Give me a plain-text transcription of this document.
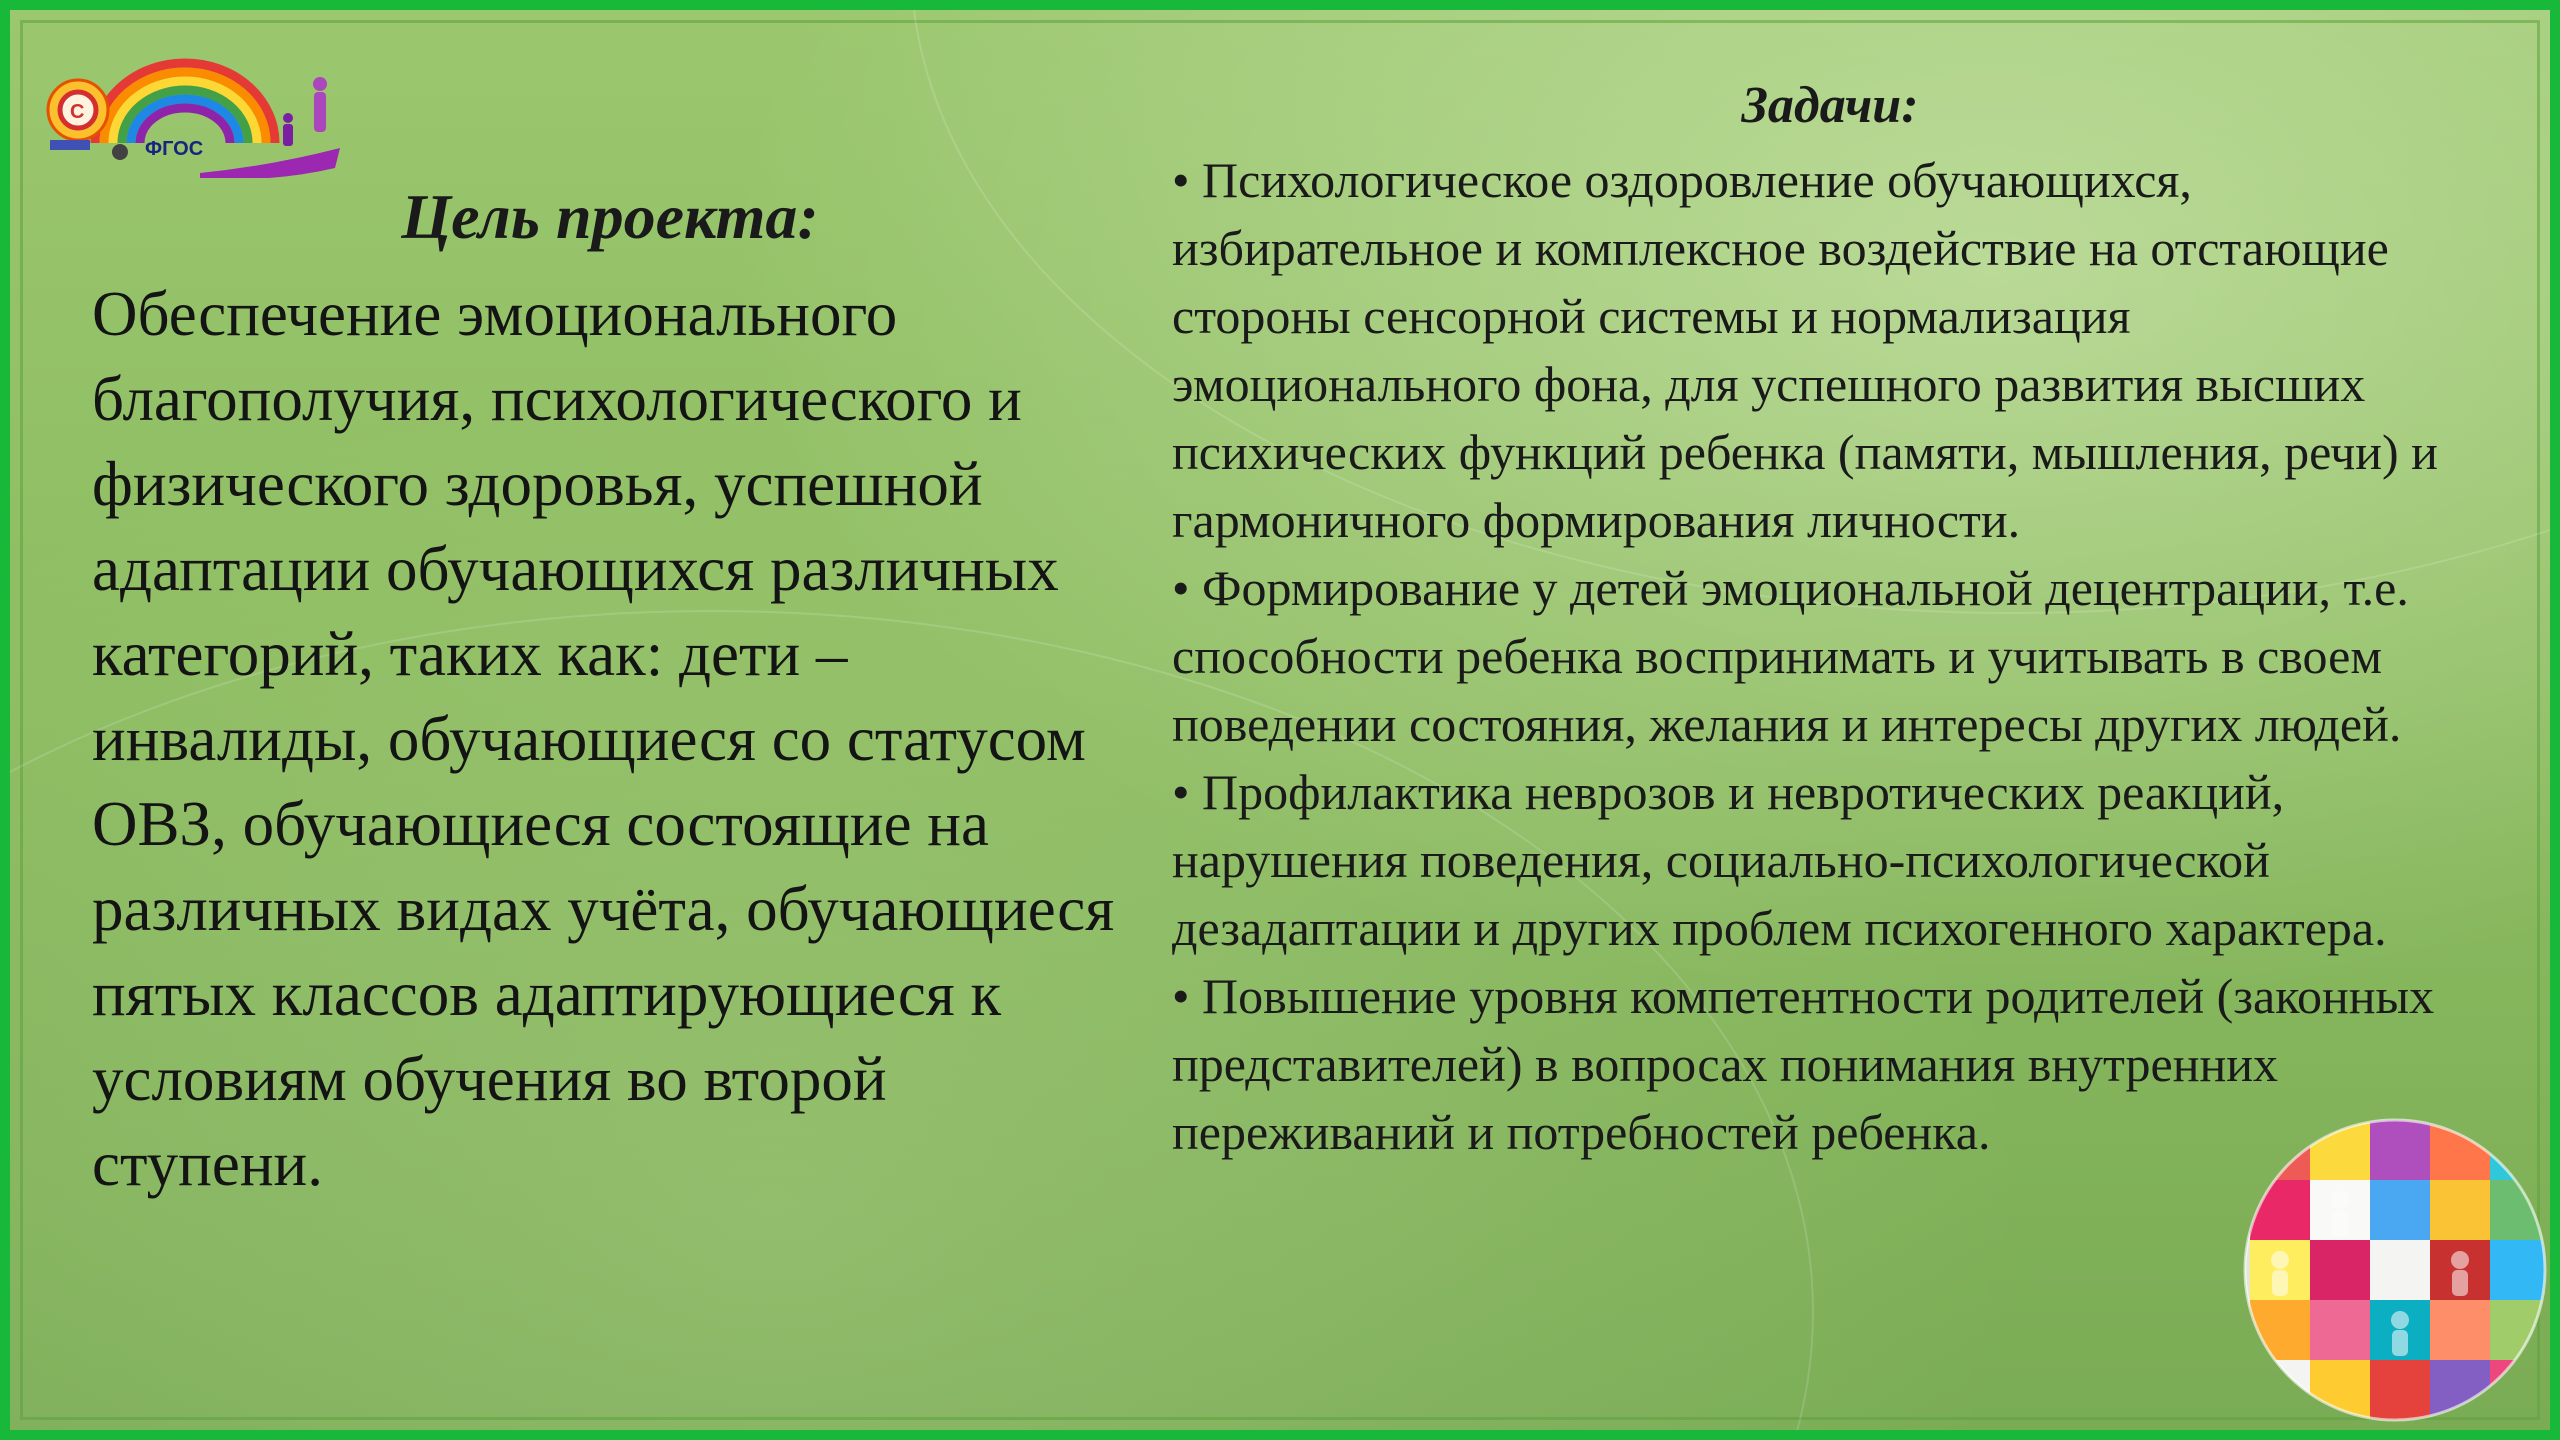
С
ФГОС
Цель проекта:
Обеспечение эмоционального благополучия, психологического и физического здоровья, успешной адаптации обучающихся различных категорий, таких как: дети – инвалиды, обучающиеся со статусом ОВЗ, обучающиеся состоящие на различных видах учёта, обучающиеся пятых классов адаптирующиеся к условиям обучения во второй ступени.
Задачи:
• Психологическое оздоровление обучающихся, избирательное и комплексное воздействие на отстающие стороны сенсорной системы и нормализация эмоционального фона, для успешного развития высших психических функций ребенка (памяти, мышления, речи) и гармоничного формирования личности.
• Формирование у детей эмоциональной децентрации, т.е. способности ребенка воспринимать и учитывать в своем поведении состояния, желания и интересы других людей.
• Профилактика неврозов и невротических реакций, нарушения поведения, социально-психологической дезадаптации и других проблем психогенного характера.
• Повышение уровня компетентности родителей (законных представителей) в вопросах понимания внутренних переживаний и потребностей ребенка.
